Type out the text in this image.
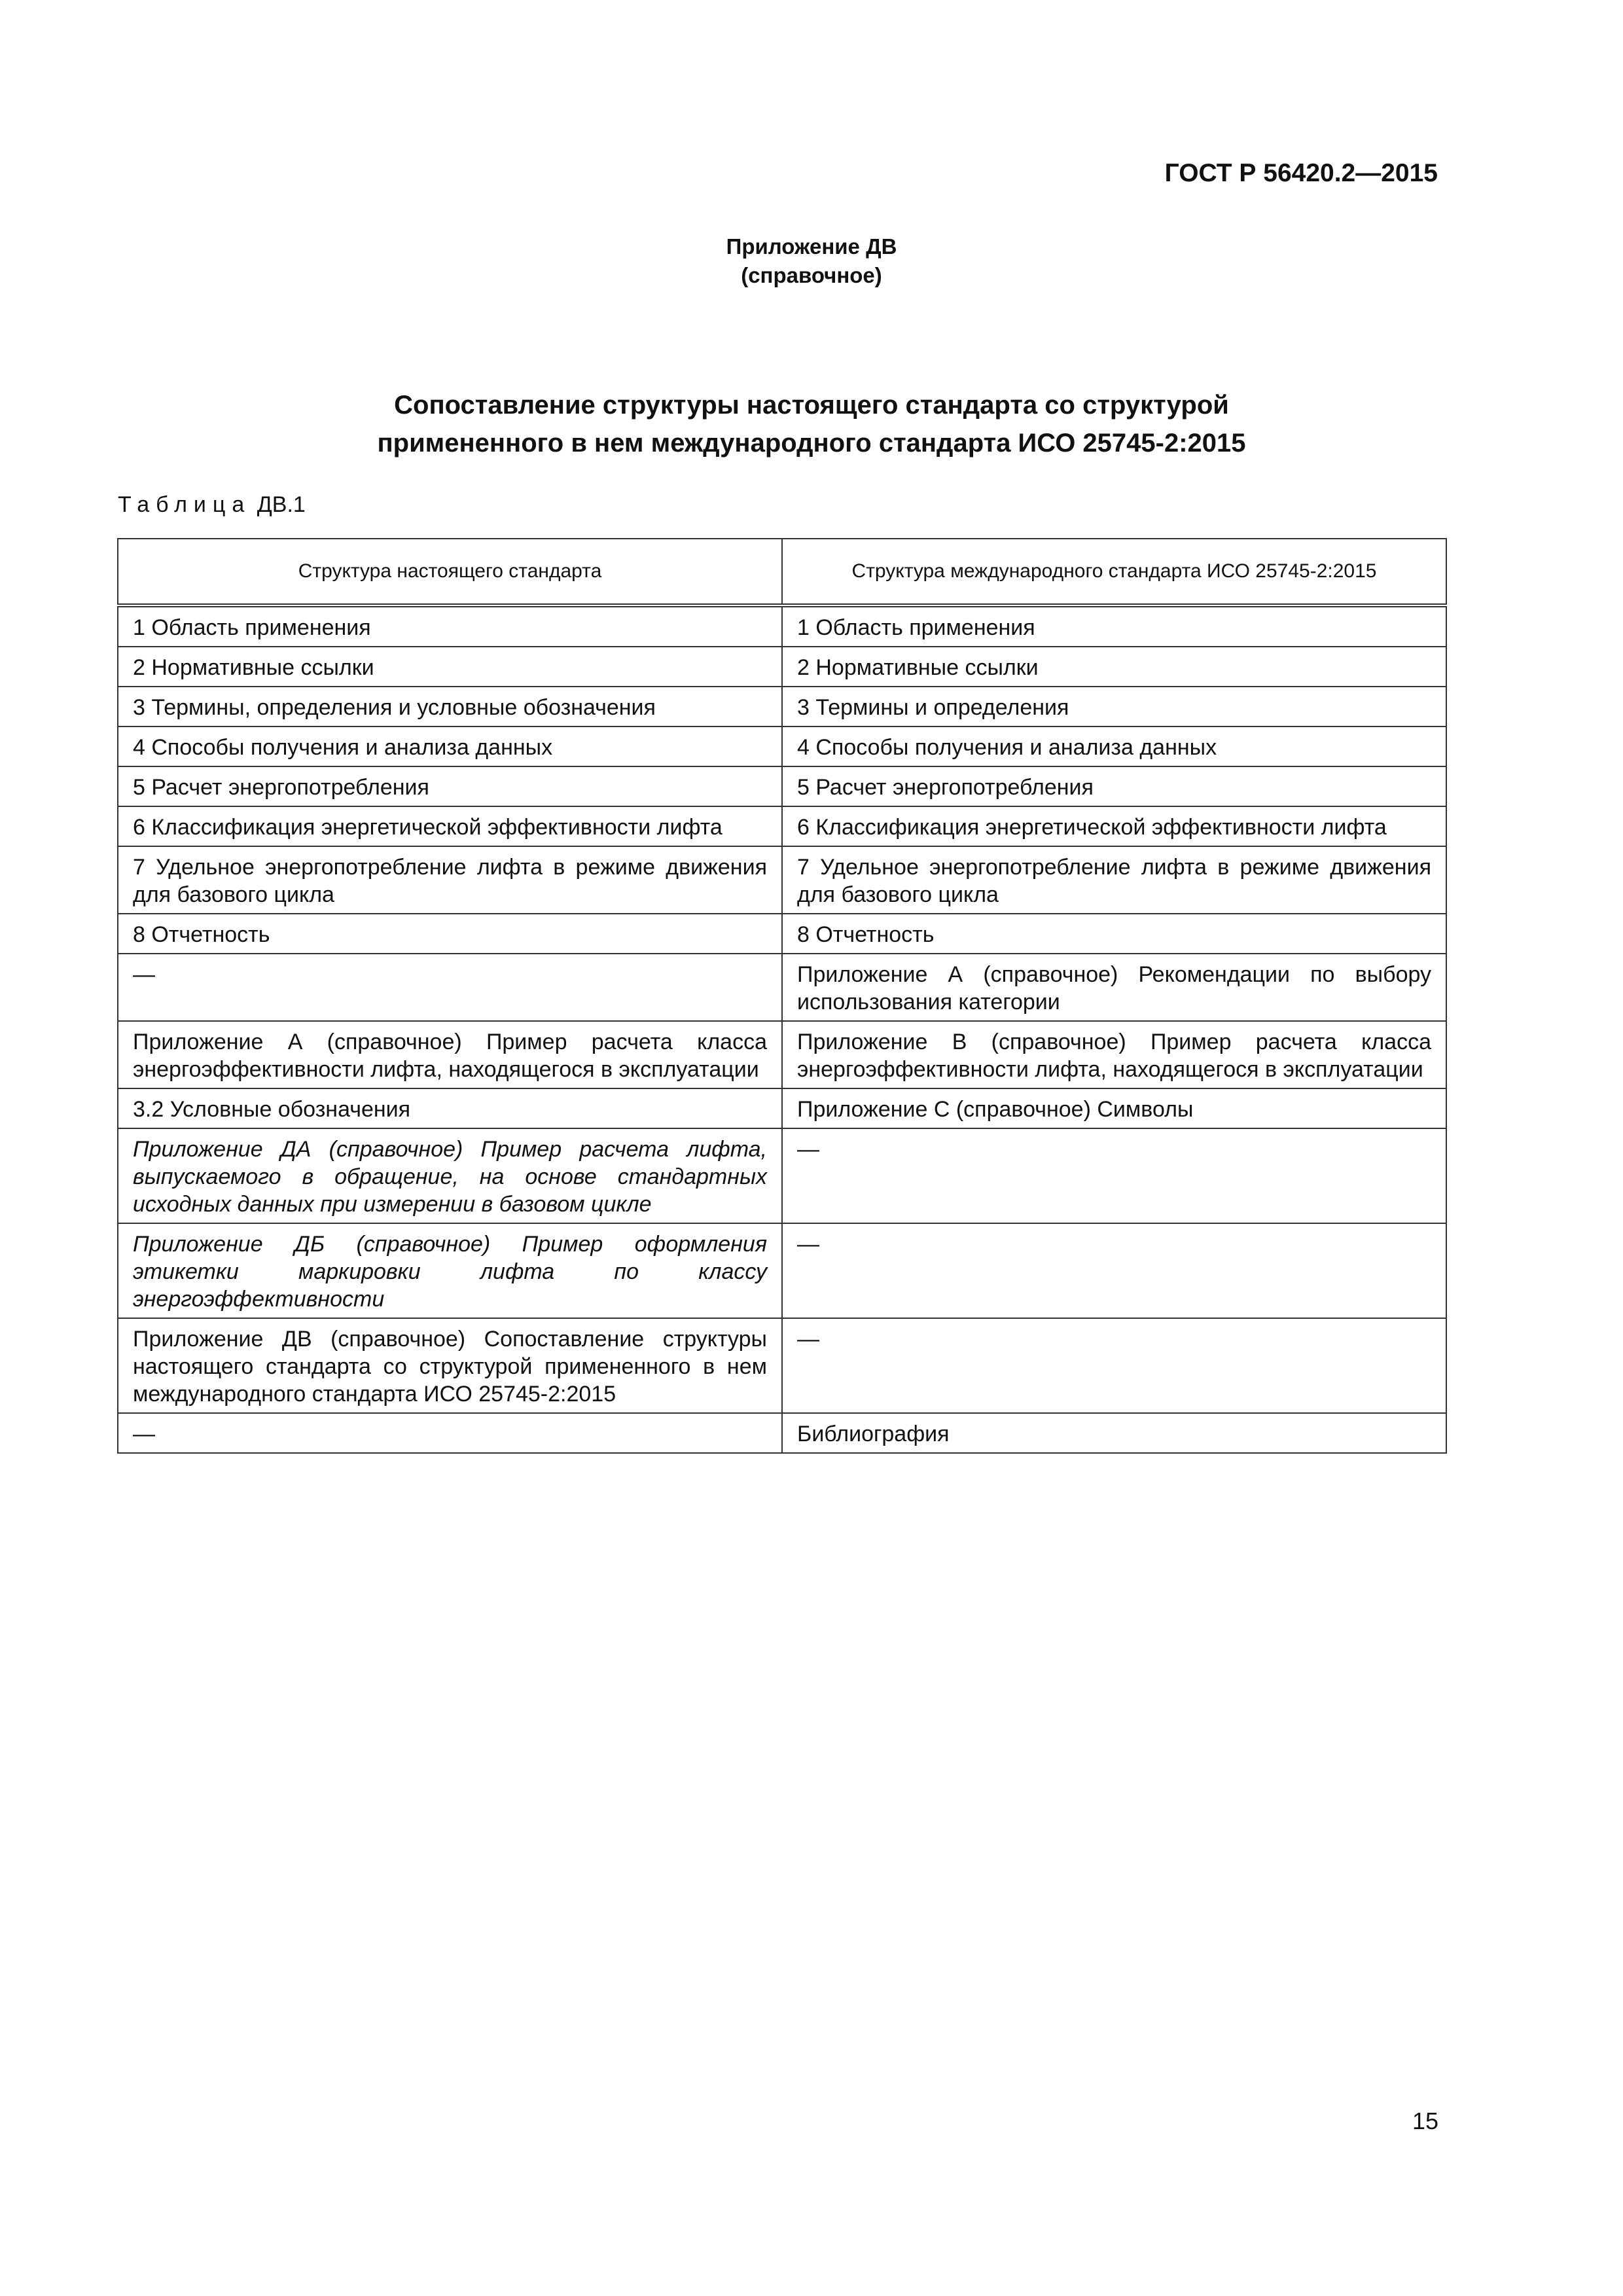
ГОСТ Р 56420.2—2015

Приложение ДВ
(справочное)
Сопоставление структуры настоящего стандарта со структурой
примененного в нем международного стандарта ИСО 25745-2:2015

Таблица ДВ.1

Структура настоящего стандарта	Структура международного стандарта ИСО 25745-2:2015
1 Область применения	1 Область применения
2 Нормативные ссылки	2 Нормативные ссылки
3 Термины, определения и условные обозначения	3 Термины и определения
4 Способы получения и анализа данных	4 Способы получения и анализа данных
5 Расчет энергопотребления	5 Расчет энергопотребления
6 Классификация энергетической эффективности лифта	6 Классификация энергетической эффективности лифта
7 Удельное энергопотребление лифта в режиме движения для базового цикла	7 Удельное энергопотребление лифта в режиме движения для базового цикла
8 Отчетность	8 Отчетность
—	Приложение А (справочное) Рекомендации по выбору использования категории
Приложение А (справочное) Пример расчета класса энергоэффективности лифта, находящегося в эксплуатации	Приложение В (справочное) Пример расчета класса энергоэффективности лифта, находящегося в эксплуатации
3.2 Условные обозначения	Приложение С (справочное) Символы
Приложение ДА (справочное) Пример расчета лифта, выпускаемого в обращение, на основе стандартных исходных данных при измерении в базовом цикле	—
Приложение ДБ (справочное) Пример оформления этикетки маркировки лифта по классу энергоэффективности	—
Приложение ДВ (справочное) Сопоставление структуры настоящего стандарта со структурой примененного в нем международного стандарта ИСО 25745-2:2015	—
—	Библиография

15
